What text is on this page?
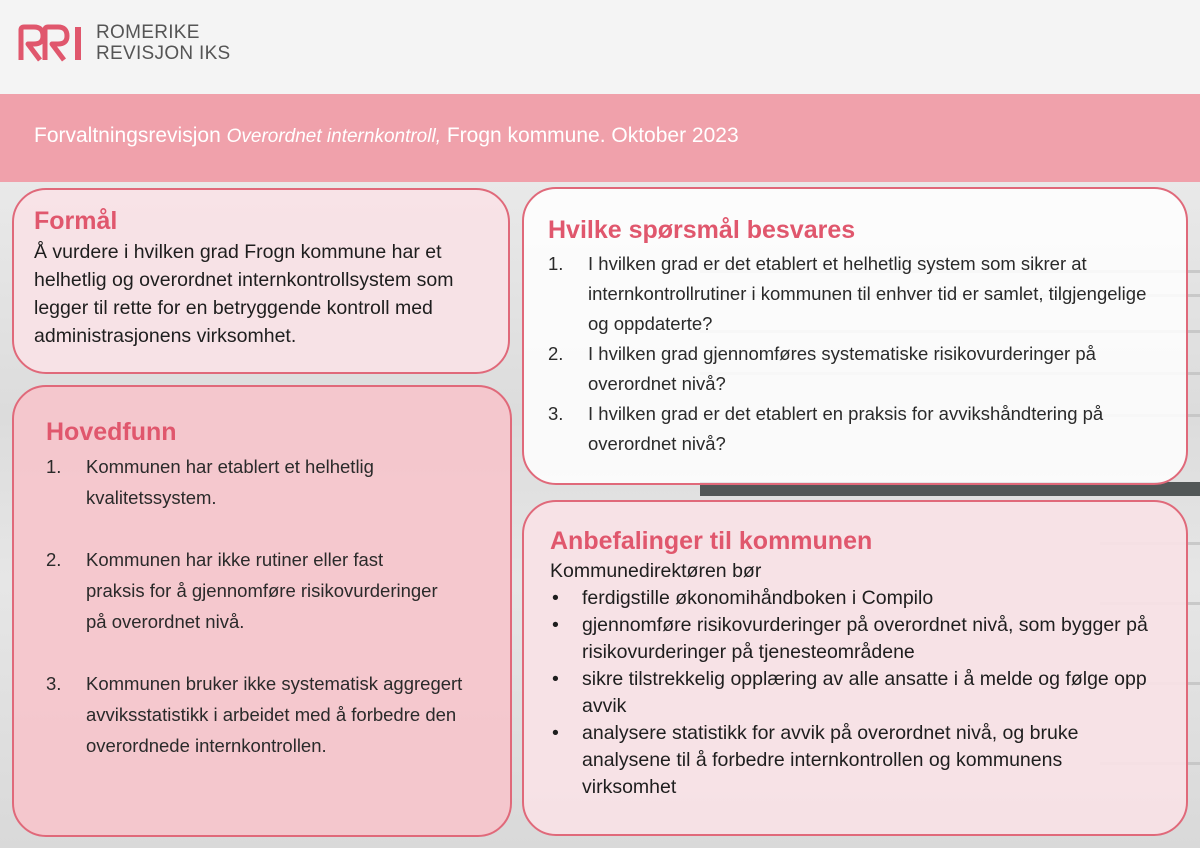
ROMERIKE
REVISJON IKS
Forvaltningsrevisjon Overordnet internkontroll, Frogn kommune. Oktober 2023
Formål

Å vurdere i hvilken grad Frogn kommune har et helhetlig og overordnet internkontrollsystem som legger til rette for en betryggende kontroll med administrasjonens virksomhet.

Hovedfunn
1. Kommunen har etablert et helhetlig kvalitetssystem.
2. Kommunen har ikke rutiner eller fast praksis for å gjennomføre risikovurderinger på overordnet nivå.
3. Kommunen bruker ikke systematisk aggregert avviksstatistikk i arbeidet med å forbedre den overordnede internkontrollen.
Hvilke spørsmål besvares
1. I hvilken grad er det etablert et helhetlig system som sikrer at internkontrollrutiner i kommunen til enhver tid er samlet, tilgjengelige og oppdaterte?
2. I hvilken grad gjennomføres systematiske risikovurderinger på overordnet nivå?
3. I hvilken grad er det etablert en praksis for avvikshåndtering på overordnet nivå?
Anbefalinger til kommunen

Kommunedirektøren bør

• ferdigstille økonomihåndboken i Compilo
• gjennomføre risikovurderinger på overordnet nivå, som bygger på risikovurderinger på tjenesteområdene
• sikre tilstrekkelig opplæring av alle ansatte i å melde og følge opp avvik
• analysere statistikk for avvik på overordnet nivå, og bruke analysene til å forbedre internkontrollen og kommunens virksomhet
